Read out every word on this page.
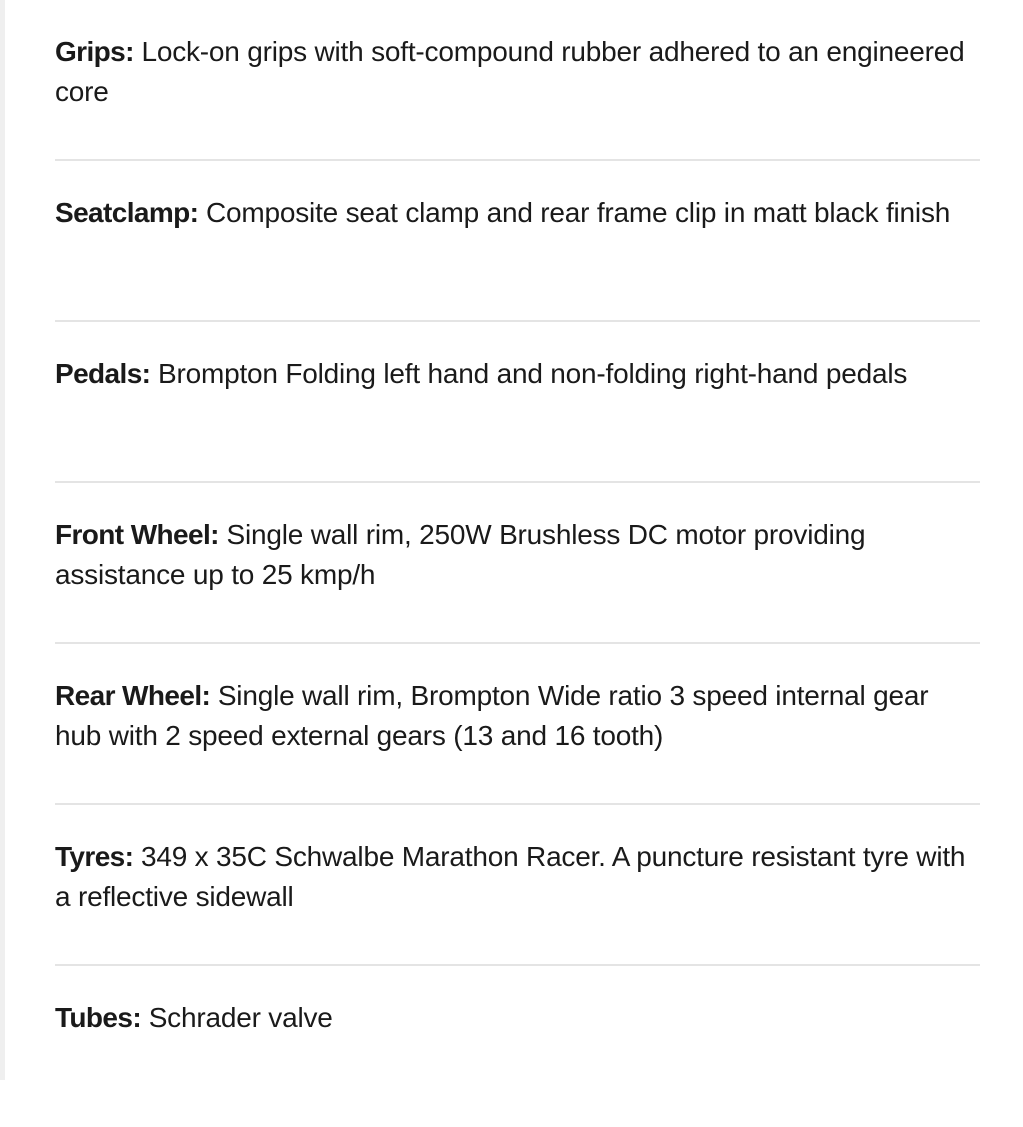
Grips: Lock-on grips with soft-compound rubber adhered to an engineered core
Seatclamp: Composite seat clamp and rear frame clip in matt black finish
Pedals: Brompton Folding left hand and non-folding right-hand pedals
Front Wheel: Single wall rim, 250W Brushless DC motor providing assistance up to 25 kmp/h
Rear Wheel: Single wall rim, Brompton Wide ratio 3 speed internal gear hub with 2 speed external gears (13 and 16 tooth)
Tyres: 349 x 35C Schwalbe Marathon Racer. A puncture resistant tyre with a reflective sidewall
Tubes: Schrader valve
